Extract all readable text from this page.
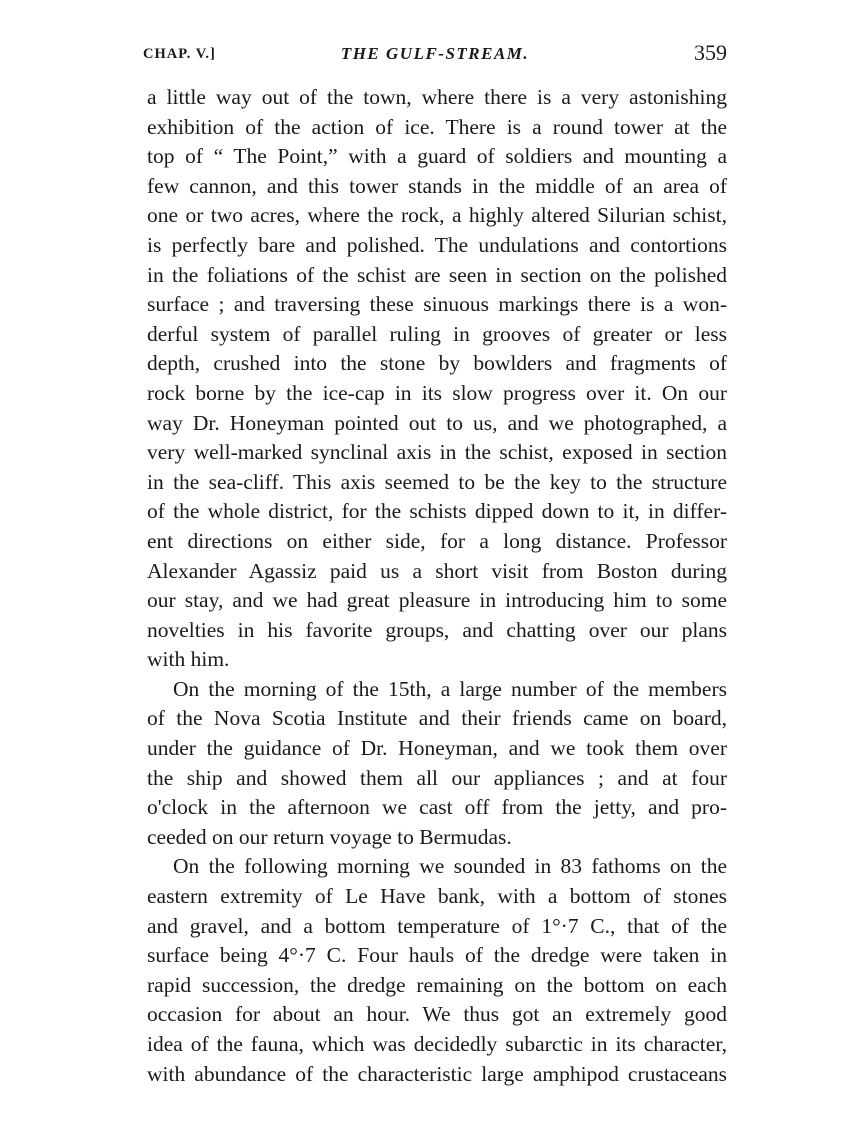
CHAP. V.]	THE GULF-STREAM.	359
a little way out of the town, where there is a very astonishing
exhibition of the action of ice. There is a round tower at the
top of “ The Point,” with a guard of soldiers and mounting a
few cannon, and this tower stands in the middle of an area of
one or two acres, where the rock, a highly altered Silurian schist,
is perfectly bare and polished. The undulations and contortions
in the foliations of the schist are seen in section on the polished
surface ; and traversing these sinuous markings there is a won-
derful system of parallel ruling in grooves of greater or less
depth, crushed into the stone by bowlders and fragments of
rock borne by the ice-cap in its slow progress over it. On our
way Dr. Honeyman pointed out to us, and we photographed, a
very well-marked synclinal axis in the schist, exposed in section
in the sea-cliff. This axis seemed to be the key to the structure
of the whole district, for the schists dipped down to it, in differ-
ent directions on either side, for a long distance. Professor
Alexander Agassiz paid us a short visit from Boston during
our stay, and we had great pleasure in introducing him to some
novelties in his favorite groups, and chatting over our plans
with him.
On the morning of the 15th, a large number of the members
of the Nova Scotia Institute and their friends came on board,
under the guidance of Dr. Honeyman, and we took them over
the ship and showed them all our appliances ; and at four
o'clock in the afternoon we cast off from the jetty, and pro-
ceeded on our return voyage to Bermudas.
On the following morning we sounded in 83 fathoms on the
eastern extremity of Le Have bank, with a bottom of stones
and gravel, and a bottom temperature of 1°·7 C., that of the
surface being 4°·7 C. Four hauls of the dredge were taken in
rapid succession, the dredge remaining on the bottom on each
occasion for about an hour. We thus got an extremely good
idea of the fauna, which was decidedly subarctic in its character,
with abundance of the characteristic large amphipod crustaceans
